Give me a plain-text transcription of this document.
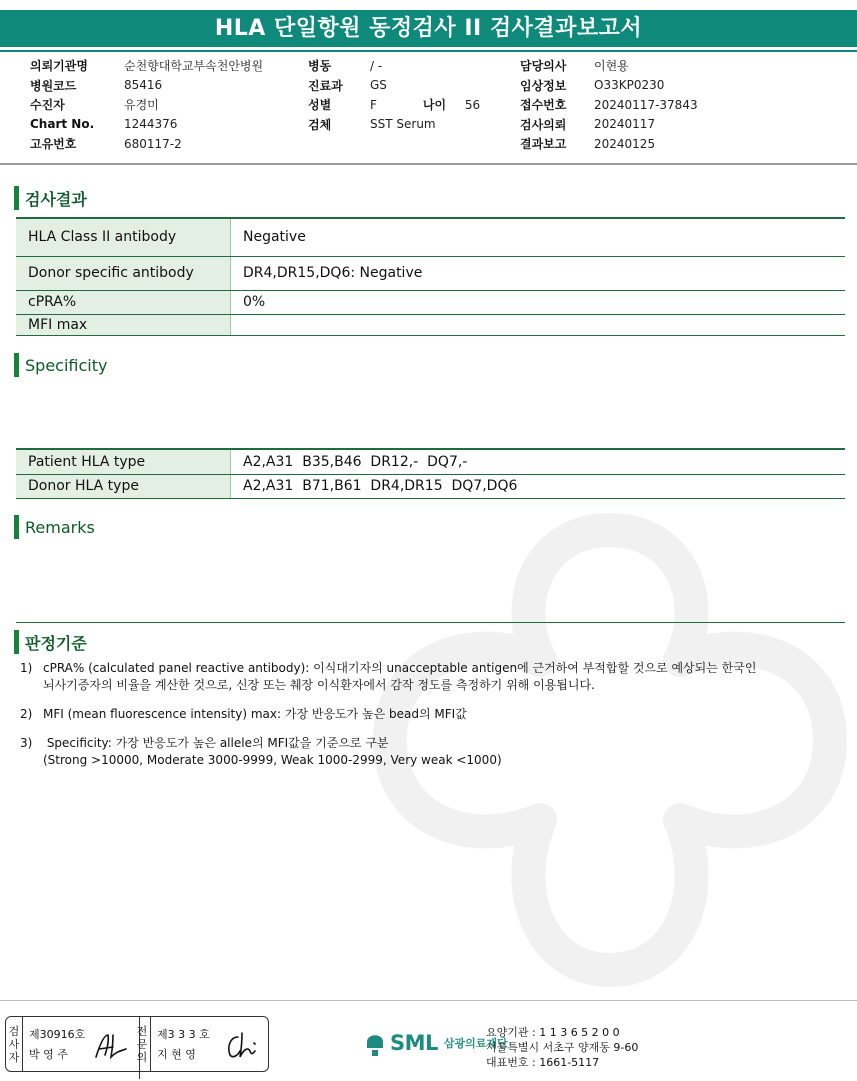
HLA 단일항원 동정검사 II 검사결과보고서
의뢰기관명	순천향대학교부속천안병원
병원코드	85416
수진자	유경미
Chart No.	1244376
고유번호	680117-2
병동	/ -
진료과	GS
성별	F	나이	56
검체	SST Serum
담당의사	이현용
임상정보	O33KP0230
접수번호	20240117-37843
검사의뢰	20240117
결과보고	20240125
검사결과
HLA Class II antibody	Negative
Donor specific antibody	DR4,DR15,DQ6: Negative
cPRA%	0%
MFI max	
Specificity
Patient HLA type	A2,A31  B35,B46  DR12,-  DQ7,-
Donor HLA type	A2,A31  B71,B61  DR4,DR15  DQ7,DQ6
Remarks
판정기준
1) cPRA% (calculated panel reactive antibody): 이식대기자의 unacceptable antigen에 근거하여 부적합할 것으로 예상되는 한국인
뇌사기증자의 비율을 계산한 것으로, 신장 또는 췌장 이식환자에서 감작 정도를 측정하기 위해 이용됩니다.
2) MFI (mean fluorescence intensity) max: 가장 반응도가 높은 bead의 MFI값
3) Specificity: 가장 반응도가 높은 allele의 MFI값을 기준으로 구분
(Strong >10000, Moderate 3000-9999, Weak 1000-2999, Very weak <1000)
검
사
자
제30916호
박 영 주
전
문
의
제3 3 3 호
지 현 영	SML 삼광의료재단
요양기관 : 1 1 3 6 5 2 0 0
서울특별시 서초구 양재동 9-60
대표번호 : 1661-5117
